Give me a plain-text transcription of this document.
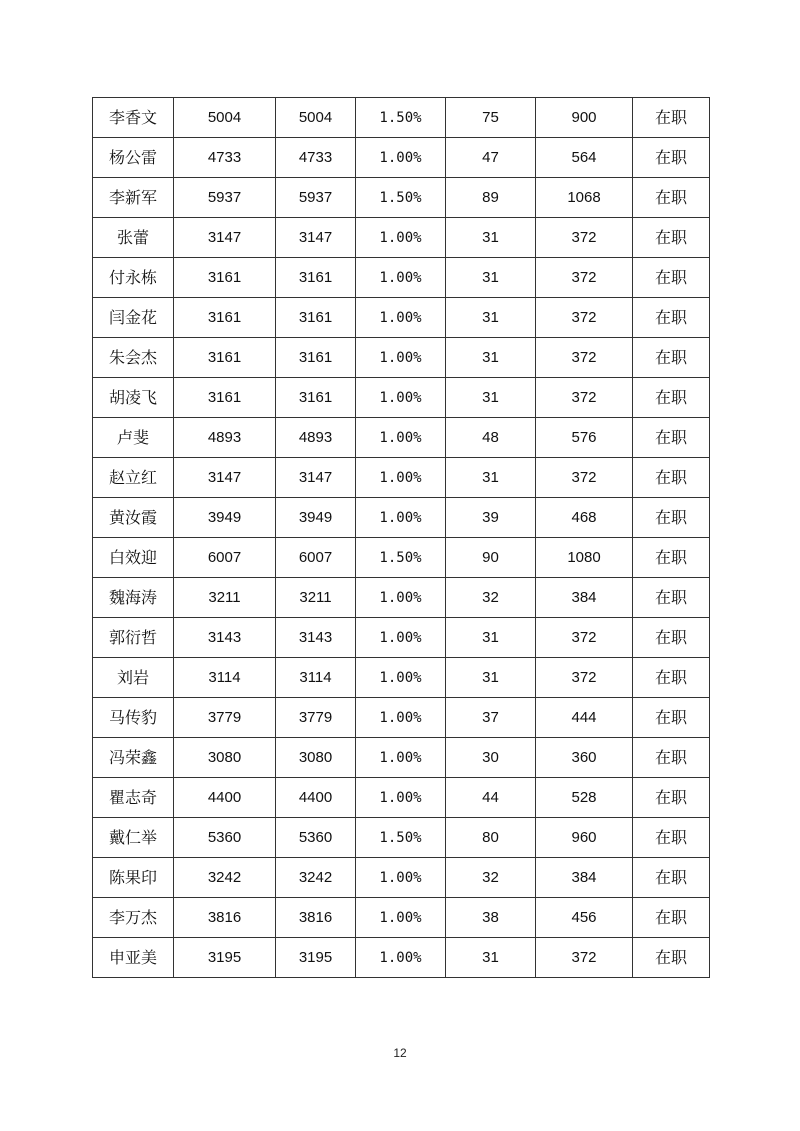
李香文	5004	5004	1.50%	75	900	在职
杨公雷	4733	4733	1.00%	47	564	在职
李新军	5937	5937	1.50%	89	1068	在职
张蕾	3147	3147	1.00%	31	372	在职
付永栋	3161	3161	1.00%	31	372	在职
闫金花	3161	3161	1.00%	31	372	在职
朱会杰	3161	3161	1.00%	31	372	在职
胡凌飞	3161	3161	1.00%	31	372	在职
卢斐	4893	4893	1.00%	48	576	在职
赵立红	3147	3147	1.00%	31	372	在职
黄汝霞	3949	3949	1.00%	39	468	在职
白效迎	6007	6007	1.50%	90	1080	在职
魏海涛	3211	3211	1.00%	32	384	在职
郭衍哲	3143	3143	1.00%	31	372	在职
刘岩	3114	3114	1.00%	31	372	在职
马传豹	3779	3779	1.00%	37	444	在职
冯荣鑫	3080	3080	1.00%	30	360	在职
瞿志奇	4400	4400	1.00%	44	528	在职
戴仁举	5360	5360	1.50%	80	960	在职
陈果印	3242	3242	1.00%	32	384	在职
李万杰	3816	3816	1.00%	38	456	在职
申亚美	3195	3195	1.00%	31	372	在职
12
